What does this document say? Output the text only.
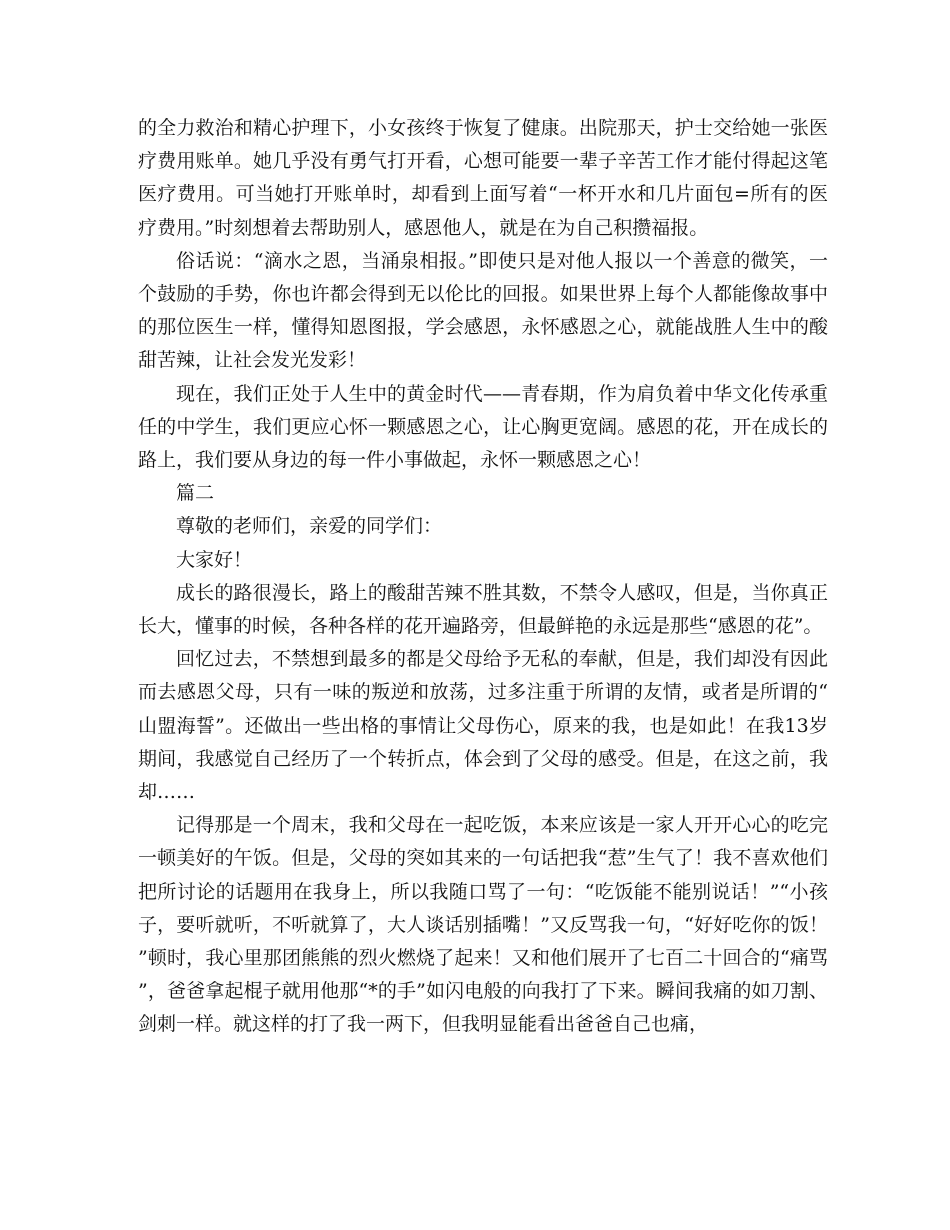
的全力救治和精心护理下，小女孩终于恢复了健康。出院那天，护士交给她一张医疗费用账单。她几乎没有勇气打开看，心想可能要一辈子辛苦工作才能付得起这笔医疗费用。可当她打开账单时，却看到上面写着“一杯开水和几片面包=所有的医疗费用。”时刻想着去帮助别人，感恩他人，就是在为自己积攒福报。

俗话说：“滴水之恩，当涌泉相报。”即使只是对他人报以一个善意的微笑，一个鼓励的手势，你也许都会得到无以伦比的回报。如果世界上每个人都能像故事中的那位医生一样，懂得知恩图报，学会感恩，永怀感恩之心，就能战胜人生中的酸甜苦辣，让社会发光发彩！

现在，我们正处于人生中的黄金时代——青春期，作为肩负着中华文化传承重任的中学生，我们更应心怀一颗感恩之心，让心胸更宽阔。感恩的花，开在成长的路上，我们要从身边的每一件小事做起，永怀一颗感恩之心！

篇二

尊敬的老师们，亲爱的同学们：

大家好！

成长的路很漫长，路上的酸甜苦辣不胜其数，不禁令人感叹，但是，当你真正长大，懂事的时候，各种各样的花开遍路旁，但最鲜艳的永远是那些“感恩的花”。

回忆过去，不禁想到最多的都是父母给予无私的奉献，但是，我们却没有因此而去感恩父母，只有一味的叛逆和放荡，过多注重于所谓的友情，或者是所谓的“山盟海誓”。还做出一些出格的事情让父母伤心，原来的我，也是如此！在我13岁期间，我感觉自己经历了一个转折点，体会到了父母的感受。但是，在这之前，我却……

记得那是一个周末，我和父母在一起吃饭，本来应该是一家人开开心心的吃完一顿美好的午饭。但是，父母的突如其来的一句话把我“惹”生气了！我不喜欢他们把所讨论的话题用在我身上，所以我随口骂了一句：“吃饭能不能别说话！”“小孩子，要听就听，不听就算了，大人谈话别插嘴！”又反骂我一句，“好好吃你的饭！”顿时，我心里那团熊熊的烈火燃烧了起来！又和他们展开了七百二十回合的“痛骂”，爸爸拿起棍子就用他那“*的手”如闪电般的向我打了下来。瞬间我痛的如刀割、剑刺一样。就这样的打了我一两下，但我明显能看出爸爸自己也痛，
